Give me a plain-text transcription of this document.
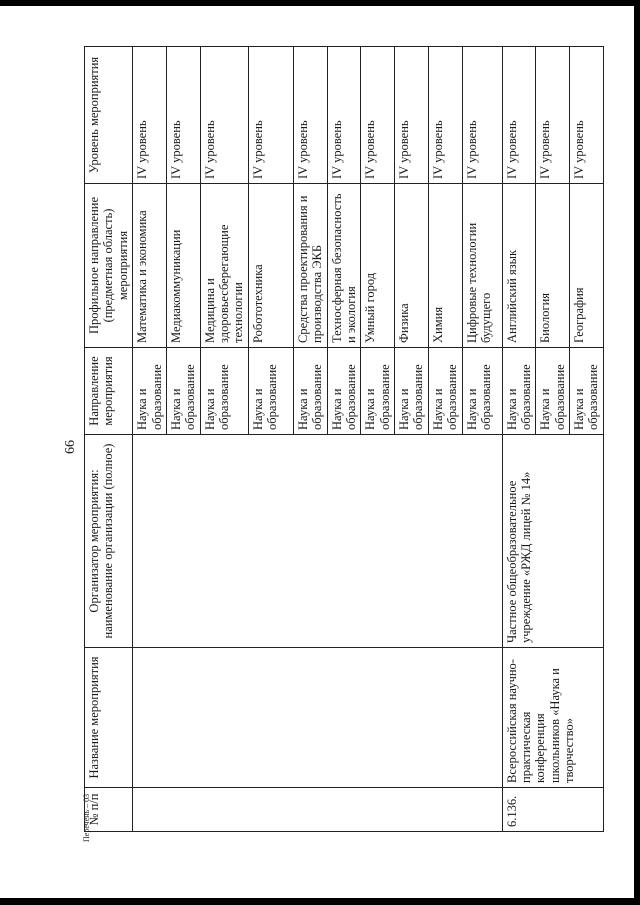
66
№ п/п	Название мероприятия	Организатор мероприятия: наименование организации (полное)	Направление мероприятия	Профильное направление (предметная область) мероприятия	Уровень мероприятия
			Наука и образование	Математика и экономика	IV уровень
			Наука и образование	Медиакоммуникации	IV уровень
			Наука и образование	Медицина и здоровьесберегающие технологии	IV уровень
			Наука и образование	Робототехника	IV уровень
			Наука и образование	Средства проектирования и производства ЭКБ	IV уровень
			Наука и образование	Техносферная безопасность и экология	IV уровень
			Наука и образование	Умный город	IV уровень
			Наука и образование	Физика	IV уровень
			Наука и образование	Химия	IV уровень
			Наука и образование	Цифровые технологии будущего	IV уровень
6.136.	Всероссийская научно-практическая конференция школьников «Наука и творчество»	Частное общеобразовательное учреждение «РЖД лицей № 14»	Наука и образование	Английский язык	IV уровень
			Наука и образование	Биология	IV уровень
			Наука и образование	География	IV уровень
Перечень – 03
